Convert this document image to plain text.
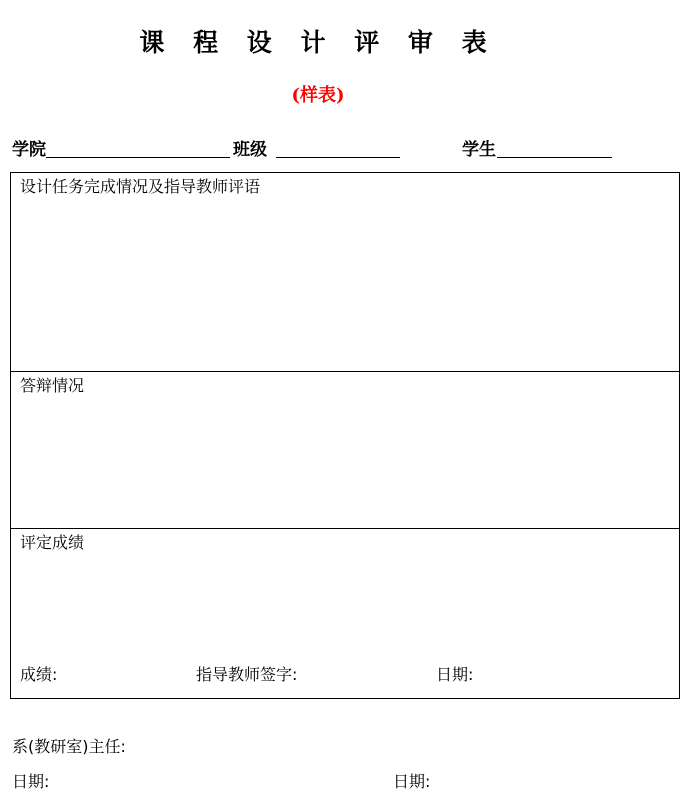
课 程 设 计 评 审 表
(样表)
学院	班级	学生
设计任务完成情况及指导教师评语
答辩情况
评定成绩
成绩:	指导教师签字:	日期:
系(教研室)主任:
日期:	日期:
